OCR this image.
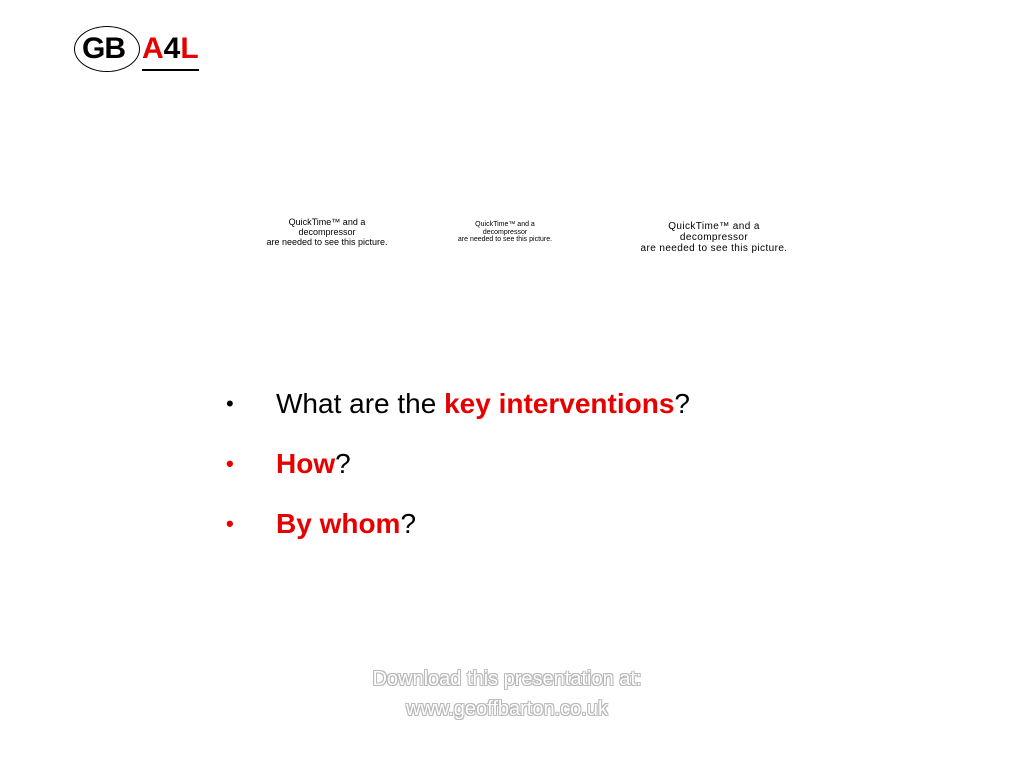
GB A4L
QuickTime™ and a
decompressor
are needed to see this picture.
QuickTime™ and a
decompressor
are needed to see this picture.
QuickTime™ and a
decompressor
are needed to see this picture.
• What are the key interventions?
• How?
• By whom?
Download this presentation at:
www.geoffbarton.co.uk
